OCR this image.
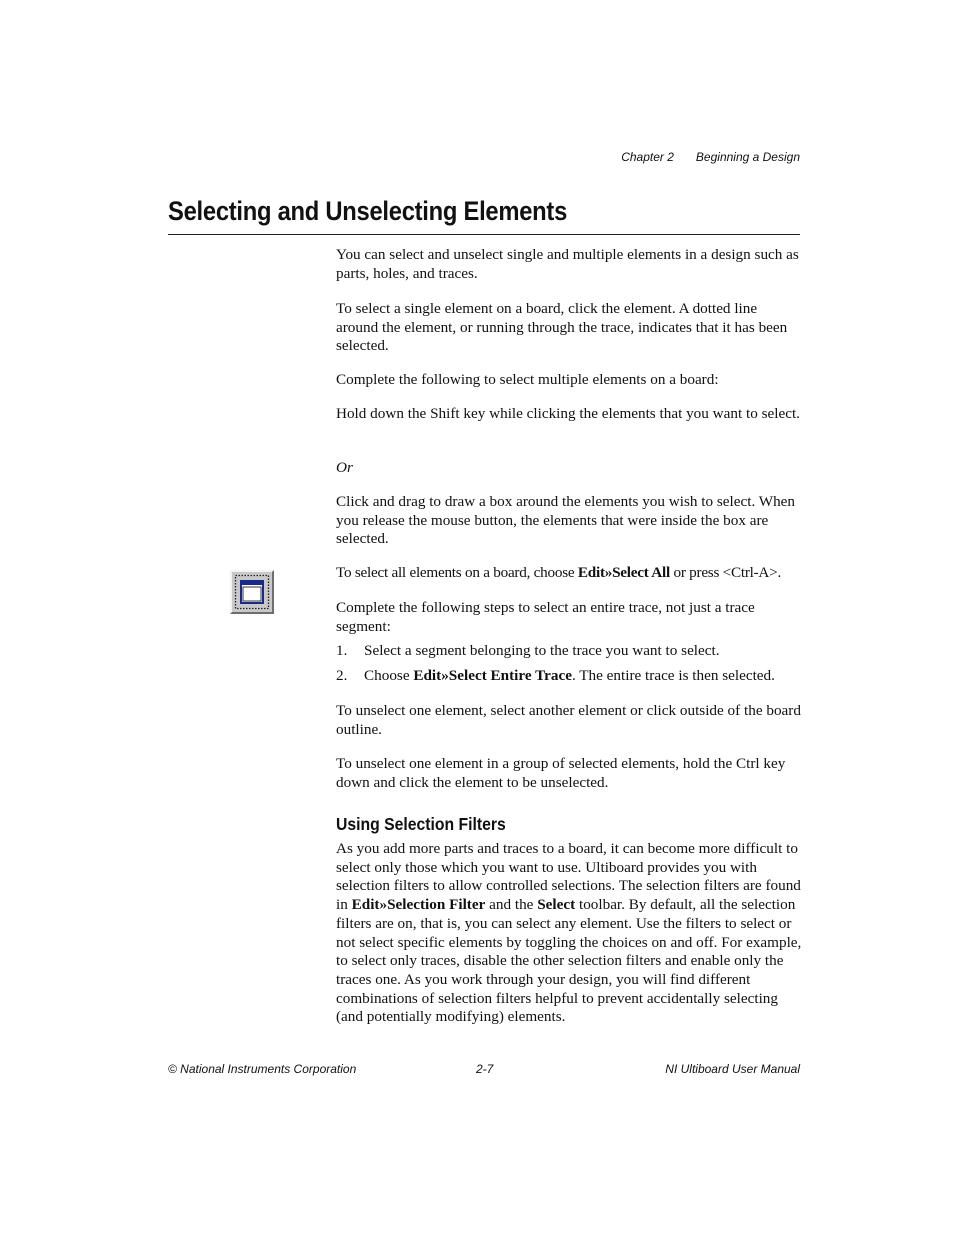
Chapter 2 Beginning a Design
Selecting and Unselecting Elements

You can select and unselect single and multiple elements in a design such as parts, holes, and traces.

To select a single element on a board, click the element. A dotted line around the element, or running through the trace, indicates that it has been selected.

Complete the following to select multiple elements on a board:

Hold down the Shift key while clicking the elements that you want to select.

Or

Click and drag to draw a box around the elements you wish to select. When you release the mouse button, the elements that were inside the box are selected.

To select all elements on a board, choose Edit»Select All or press <Ctrl-A>.

Complete the following steps to select an entire trace, not just a trace segment:

1. Select a segment belonging to the trace you want to select.
2. Choose Edit»Select Entire Trace. The entire trace is then selected.

To unselect one element, select another element or click outside of the board outline.

To unselect one element in a group of selected elements, hold the Ctrl key down and click the element to be unselected.

Using Selection Filters

As you add more parts and traces to a board, it can become more difficult to select only those which you want to use. Ultiboard provides you with selection filters to allow controlled selections. The selection filters are found in Edit»Selection Filter and the Select toolbar. By default, all the selection filters are on, that is, you can select any element. Use the filters to select or not select specific elements by toggling the choices on and off. For example, to select only traces, disable the other selection filters and enable only the traces one. As you work through your design, you will find different combinations of selection filters helpful to prevent accidentally selecting (and potentially modifying) elements.

© National Instruments Corporation	2-7	NI Ultiboard User Manual
